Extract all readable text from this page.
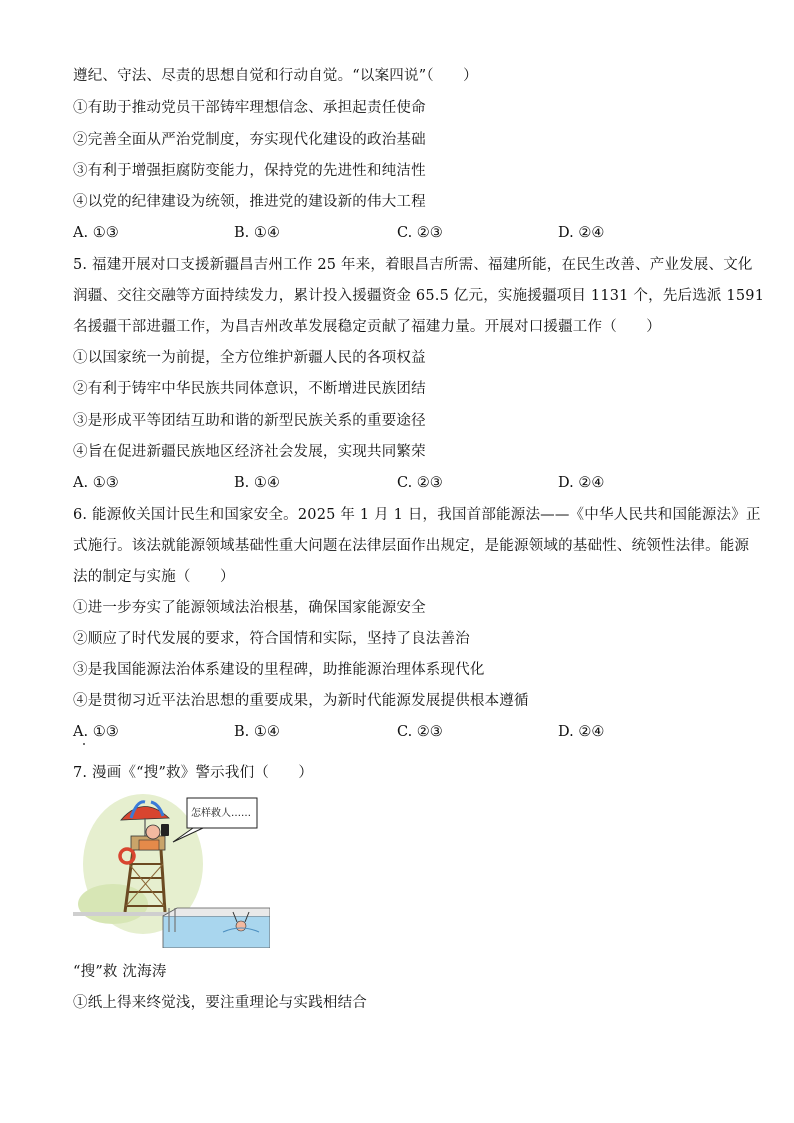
遵纪、守法、尽责的思想自觉和行动自觉。“以案四说”（　　）
①有助于推动党员干部铸牢理想信念、承担起责任使命
②完善全面从严治党制度，夯实现代化建设的政治基础
③有利于增强拒腐防变能力，保持党的先进性和纯洁性
④以党的纪律建设为统领，推进党的建设新的伟大工程
A. ①③	B. ①④	C. ②③	D. ②④
5. 福建开展对口支援新疆昌吉州工作 25 年来，着眼昌吉所需、福建所能，在民生改善、产业发展、文化
润疆、交往交融等方面持续发力，累计投入援疆资金 65.5 亿元，实施援疆项目 1131 个，先后选派 1591
名援疆干部进疆工作，为昌吉州改革发展稳定贡献了福建力量。开展对口援疆工作（　　）
①以国家统一为前提，全方位维护新疆人民的各项权益
②有利于铸牢中华民族共同体意识，不断增进民族团结
③是形成平等团结互助和谐的新型民族关系的重要途径
④旨在促进新疆民族地区经济社会发展，实现共同繁荣
A. ①③	B. ①④	C. ②③	D. ②④
6. 能源攸关国计民生和国家安全。2025 年 1 月 1 日，我国首部能源法——《中华人民共和国能源法》正
式施行。该法就能源领域基础性重大问题在法律层面作出规定，是能源领域的基础性、统领性法律。能源
法的制定与实施（　　）
①进一步夯实了能源领域法治根基，确保国家能源安全
②顺应了时代发展的要求，符合国情和实际，坚持了良法善治
③是我国能源法治体系建设的里程碑，助推能源治理体系现代化
④是贯彻习近平法治思想的重要成果，为新时代能源发展提供根本遵循
A. ①③	B. ①④	C. ②③	D. ②④
7. 漫画《“搜”救》警示我们（　　）
怎样救人……
“搜”救 沈海涛
①纸上得来终觉浅，要注重理论与实践相结合
